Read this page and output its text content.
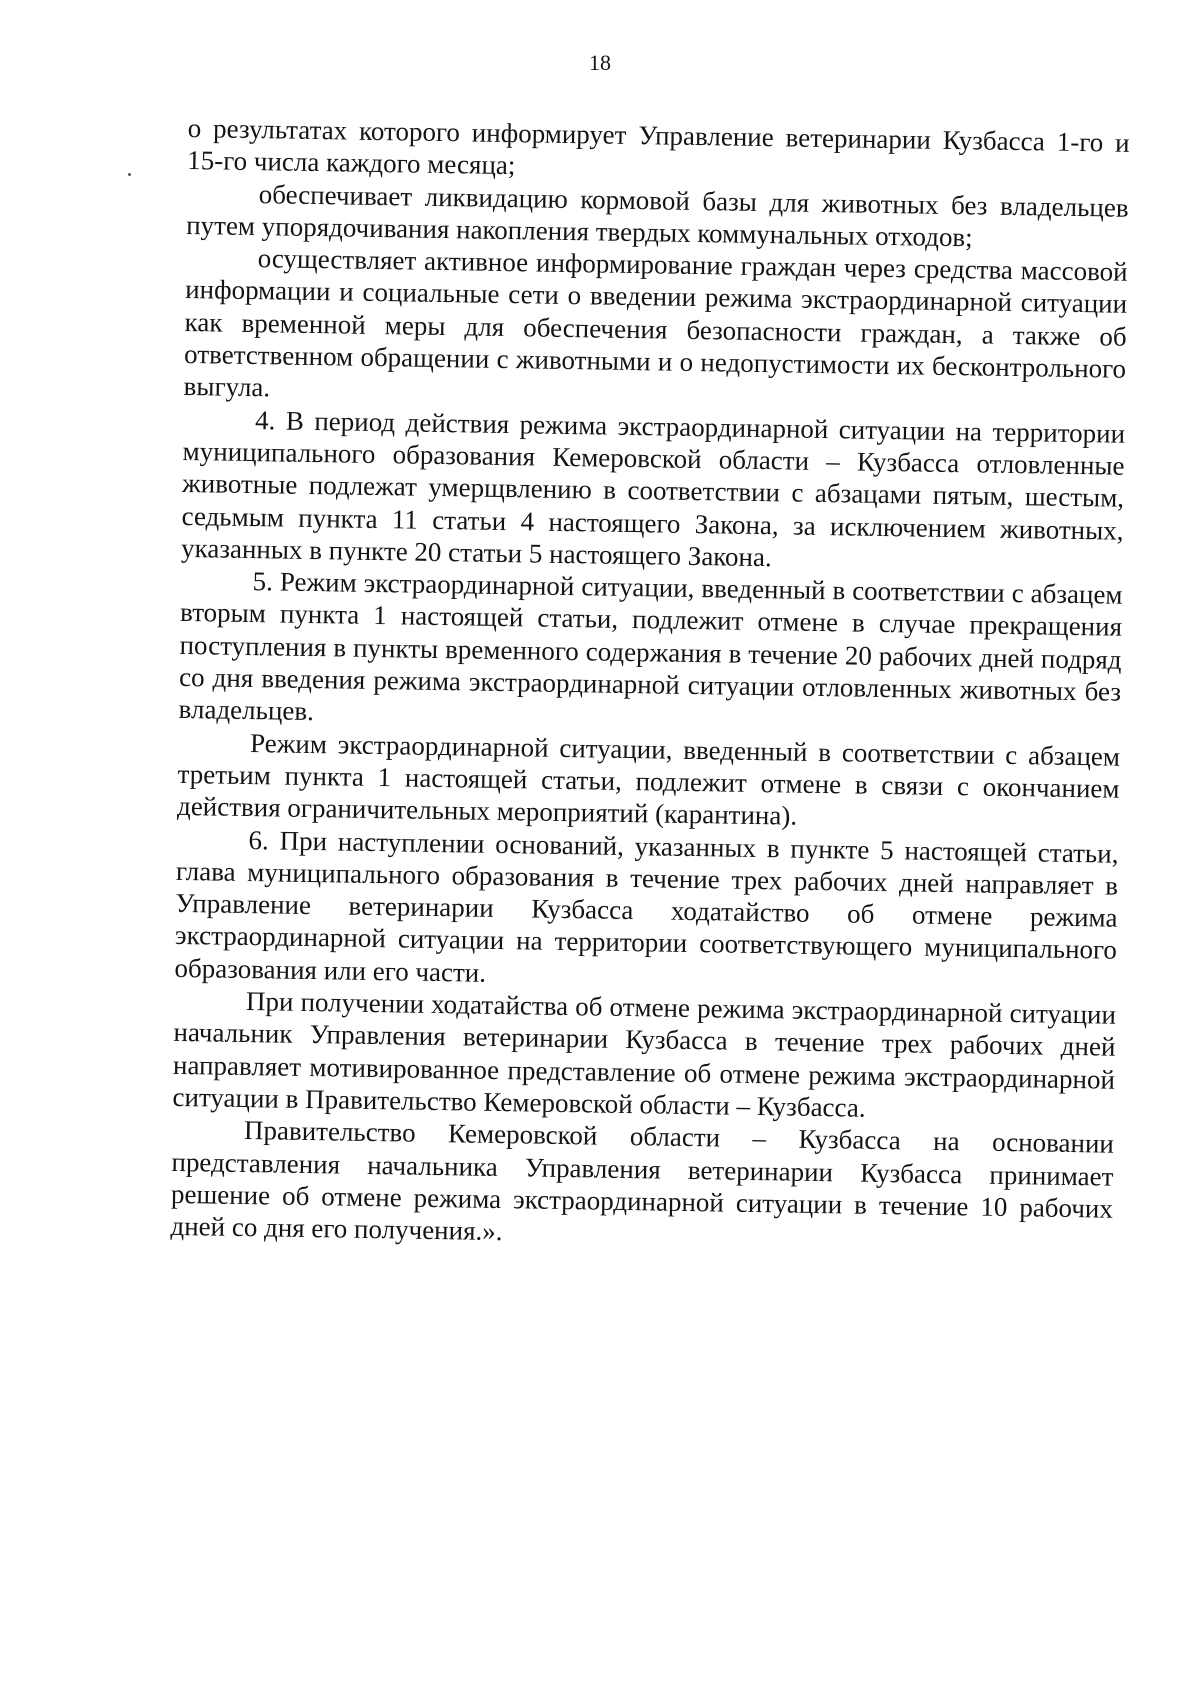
18

о результатах которого информирует Управление ветеринарии Кузбасса 1-го и 15-го числа каждого месяца;

обеспечивает ликвидацию кормовой базы для животных без владельцев путем упорядочивания накопления твердых коммунальных отходов;

осуществляет активное информирование граждан через средства массовой информации и социальные сети о введении режима экстраординарной ситуации как временной меры для обеспечения безопасности граждан, а также об ответственном обращении с животными и о недопустимости их бесконтрольного выгула.

4. В период действия режима экстраординарной ситуации на территории муниципального образования Кемеровской области – Кузбасса отловленные животные подлежат умерщвлению в соответствии с абзацами пятым, шестым, седьмым пункта 11 статьи 4 настоящего Закона, за исключением животных, указанных в пункте 20 статьи 5 настоящего Закона.

5. Режим экстраординарной ситуации, введенный в соответствии с абзацем вторым пункта 1 настоящей статьи, подлежит отмене в случае прекращения поступления в пункты временного содержания в течение 20 рабочих дней подряд со дня введения режима экстраординарной ситуации отловленных животных без владельцев.

Режим экстраординарной ситуации, введенный в соответствии с абзацем третьим пункта 1 настоящей статьи, подлежит отмене в связи с окончанием действия ограничительных мероприятий (карантина).

6. При наступлении оснований, указанных в пункте 5 настоящей статьи, глава муниципального образования в течение трех рабочих дней направляет в Управление ветеринарии Кузбасса ходатайство об отмене режима экстраординарной ситуации на территории соответствующего муниципального образования или его части.

При получении ходатайства об отмене режима экстраординарной ситуации начальник Управления ветеринарии Кузбасса в течение трех рабочих дней направляет мотивированное представление об отмене режима экстраординарной ситуации в Правительство Кемеровской области – Кузбасса.

Правительство Кемеровской области – Кузбасса на основании представления начальника Управления ветеринарии Кузбасса принимает решение об отмене режима экстраординарной ситуации в течение 10 рабочих дней со дня его получения.».
